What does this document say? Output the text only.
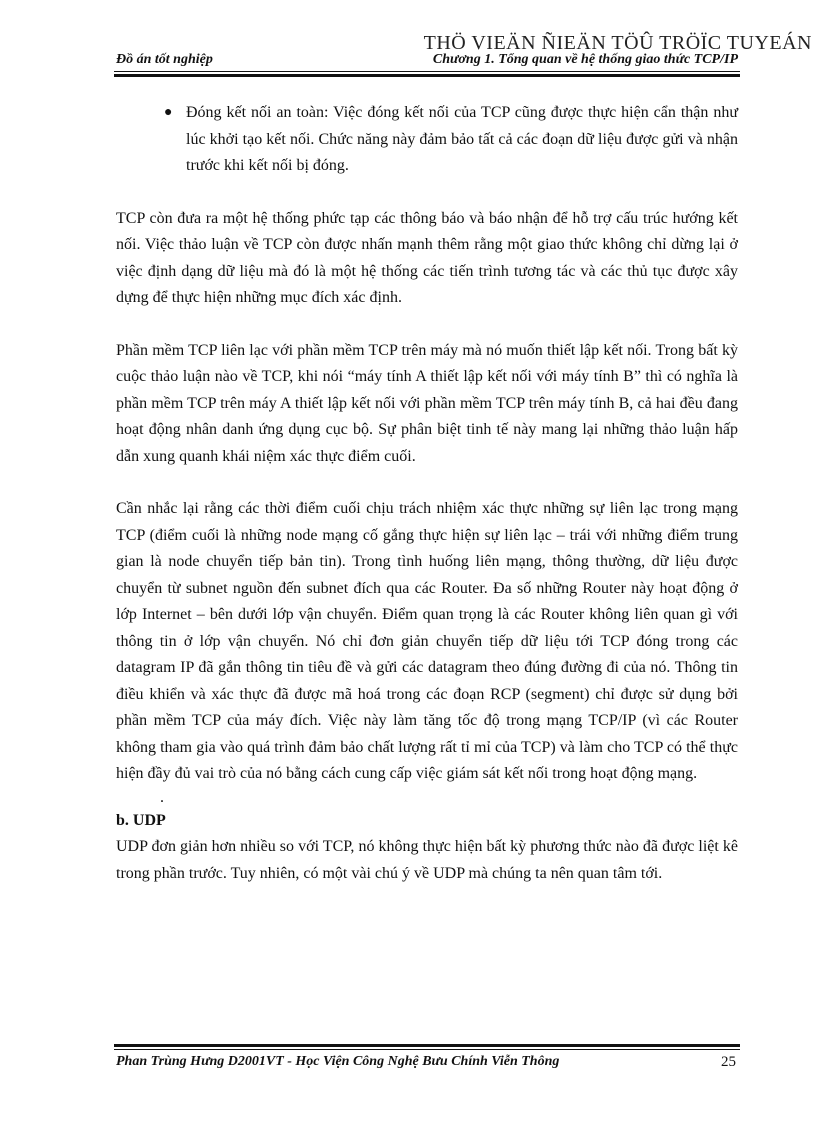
THÖ VIEÄN ÑIEÄN TÖÛ TRÖÏC TUYEÁN
Đồ án tốt nghiệp	Chương 1. Tổng quan về hệ thống giao thức TCP/IP
● Đóng kết nối an toàn: Việc đóng kết nối của TCP cũng được thực hiện cẩn thận như lúc khởi tạo kết nối. Chức năng này đảm bảo tất cả các đoạn dữ liệu được gửi và nhận trước khi kết nối bị đóng.

TCP còn đưa ra một hệ thống phức tạp các thông báo và báo nhận để hỗ trợ cấu trúc hướng kết nối. Việc thảo luận về TCP còn được nhấn mạnh thêm rằng một giao thức không chỉ dừng lại ở việc định dạng dữ liệu mà đó là một hệ thống các tiến trình tương tác và các thủ tục được xây dựng để thực hiện những mục đích xác định.

Phần mềm TCP liên lạc với phần mềm TCP trên máy mà nó muốn thiết lập kết nối. Trong bất kỳ cuộc thảo luận nào về TCP, khi nói “máy tính A thiết lập kết nối với máy tính B” thì có nghĩa là phần mềm TCP trên máy A thiết lập kết nối với phần mềm TCP trên máy tính B, cả hai đều đang hoạt động nhân danh ứng dụng cục bộ. Sự phân biệt tinh tế này mang lại những thảo luận hấp dẫn xung quanh khái niệm xác thực điểm cuối.

Cần nhắc lại rằng các thời điểm cuối chịu trách nhiệm xác thực những sự liên lạc trong mạng TCP (điểm cuối là những node mạng cố gắng thực hiện sự liên lạc – trái với những điểm trung gian là node chuyển tiếp bản tin). Trong tình huống liên mạng, thông thường, dữ liệu được chuyển từ subnet nguồn đến subnet đích qua các Router. Đa số những Router này hoạt động ở lớp Internet – bên dưới lớp vận chuyển. Điểm quan trọng là các Router không liên quan gì với thông tin ở lớp vận chuyển. Nó chỉ đơn giản chuyển tiếp dữ liệu tới TCP đóng trong các datagram IP đã gắn thông tin tiêu đề và gửi các datagram theo đúng đường đi của nó. Thông tin điều khiển và xác thực đã được mã hoá trong các đoạn RCP (segment) chỉ được sử dụng bởi phần mềm TCP của máy đích. Việc này làm tăng tốc độ trong mạng TCP/IP (vì các Router không tham gia vào quá trình đảm bảo chất lượng rất tỉ mỉ của TCP) và làm cho TCP có thể thực hiện đầy đủ vai trò của nó bằng cách cung cấp việc giám sát kết nối trong hoạt động mạng.

.

b. UDP

UDP đơn giản hơn nhiều so với TCP, nó không thực hiện bất kỳ phương thức nào đã được liệt kê trong phần trước. Tuy nhiên, có một vài chú ý về UDP mà chúng ta nên quan tâm tới.

Phan Trùng Hưng D2001VT - Học Viện Công Nghệ Bưu Chính Viễn Thông	25
